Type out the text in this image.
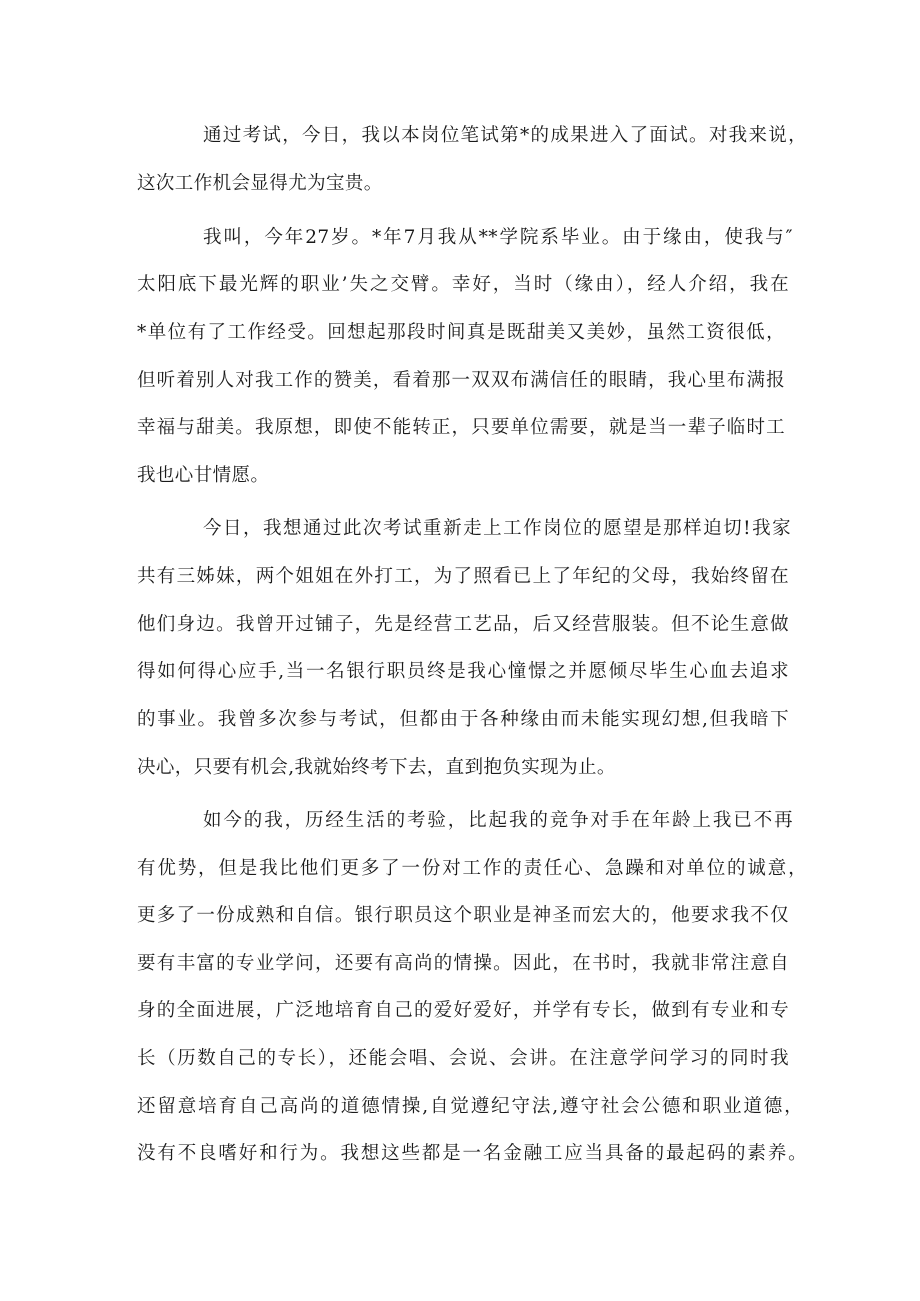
通过考试，今日，我以本岗位笔试第*的成果进入了面试。对我来说，
这次工作机会显得尤为宝贵。
我叫，今年27岁。*年7月我从**学院系毕业。由于缘由，使我与″
太阳底下最光辉的职业’失之交臂。幸好，当时（缘由），经人介绍，我在
*单位有了工作经受。回想起那段时间真是既甜美又美妙，虽然工资很低，
但听着别人对我工作的赞美，看着那一双双布满信任的眼睛，我心里布满报
幸福与甜美。我原想，即使不能转正，只要单位需要，就是当一辈子临时工
我也心甘情愿。
今日，我想通过此次考试重新走上工作岗位的愿望是那样迫切!我家
共有三姊妹，两个姐姐在外打工，为了照看已上了年纪的父母，我始终留在
他们身边。我曾开过铺子，先是经营工艺品，后又经营服装。但不论生意做
得如何得心应手,当一名银行职员终是我心憧憬之并愿倾尽毕生心血去追求
的事业。我曾多次参与考试，但都由于各种缘由而未能实现幻想,但我暗下
决心，只要有机会,我就始终考下去，直到抱负实现为止。
如今的我，历经生活的考验，比起我的竞争对手在年龄上我已不再
有优势，但是我比他们更多了一份对工作的责任心、急躁和对单位的诚意，
更多了一份成熟和自信。银行职员这个职业是神圣而宏大的，他要求我不仅
要有丰富的专业学问，还要有高尚的情操。因此，在书时，我就非常注意自
身的全面进展，广泛地培育自己的爱好爱好，并学有专长，做到有专业和专
长（历数自己的专长），还能会唱、会说、会讲。在注意学问学习的同时我
还留意培育自己高尚的道德情操,自觉遵纪守法,遵守社会公德和职业道德，
没有不良嗜好和行为。我想这些都是一名金融工应当具备的最起码的素养。
